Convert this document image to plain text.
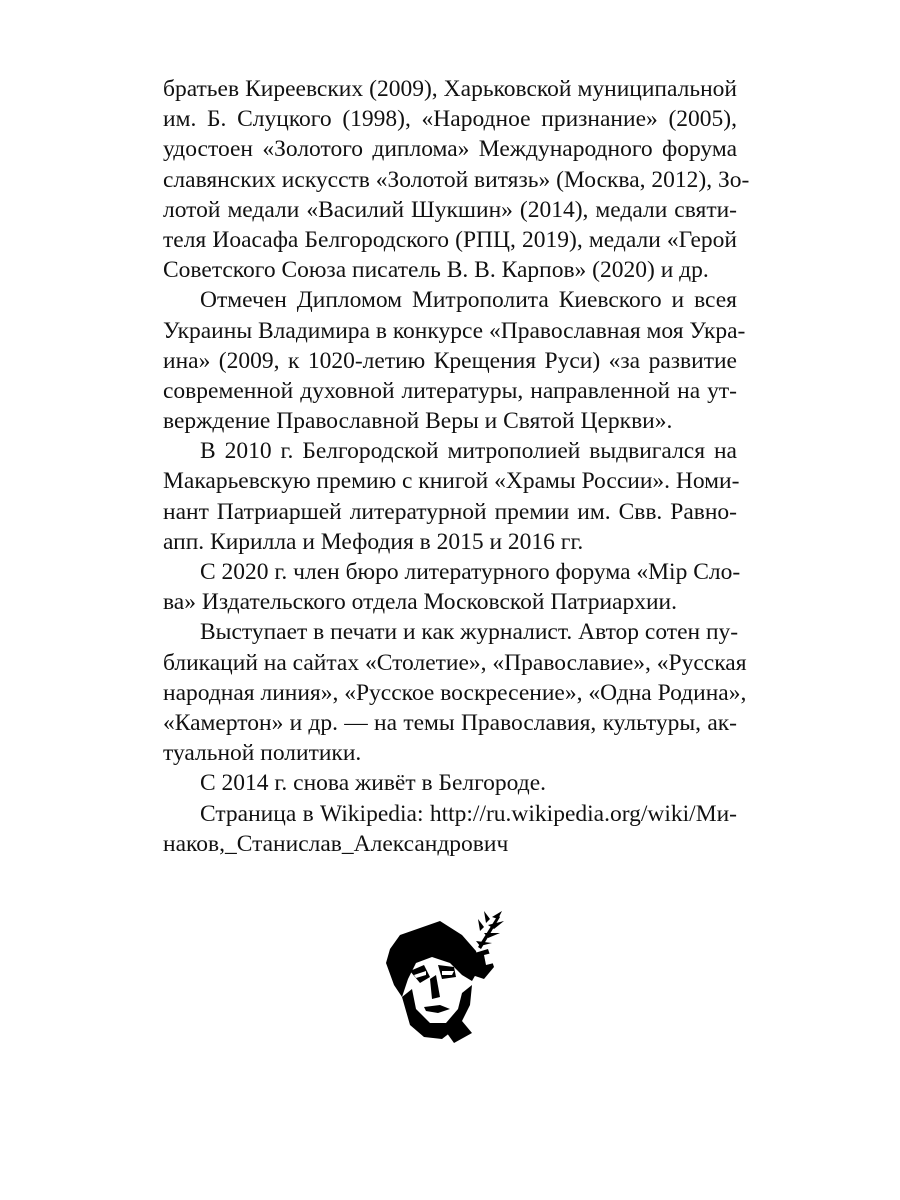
братьев Киреевских (2009), Харьковской муниципальной
им. Б. Слуцкого (1998), «Народное признание» (2005),
удостоен «Золотого диплома» Международного форума
славянских искусств «Золотой витязь» (Москва, 2012), Зо-
лотой медали «Василий Шукшин» (2014), медали святи-
теля Иоасафа Белгородского (РПЦ, 2019), медали «Герой
Советского Союза писатель В. В. Карпов» (2020) и др.
Отмечен Дипломом Митрополита Киевского и всея
Украины Владимира в конкурсе «Православная моя Укра-
ина» (2009, к 1020-летию Крещения Руси) «за развитие
современной духовной литературы, направленной на ут-
верждение Православной Веры и Святой Церкви».
В 2010 г. Белгородской митрополией выдвигался на
Макарьевскую премию с книгой «Храмы России». Номи-
нант Патриаршей литературной премии им. Свв. Равно-
апп. Кирилла и Мефодия в 2015 и 2016 гг.
С 2020 г. член бюро литературного форума «Мiр Сло-
ва» Издательского отдела Московской Патриархии.
Выступает в печати и как журналист. Автор сотен пу-
бликаций на сайтах «Столетие», «Православие», «Русская
народная линия», «Русское воскресение», «Одна Родина»,
«Камертон» и др. — на темы Православия, культуры, ак-
туальной политики.
С 2014 г. снова живёт в Белгороде.
Страница в Wikipedia: http://ru.wikipedia.org/wiki/Ми-
наков,_Станислав_Александрович
